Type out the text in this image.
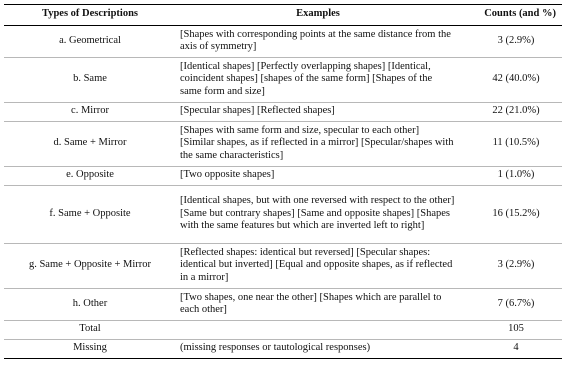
Types of Descriptions	Examples	Counts (and %)
a. Geometrical	[Shapes with corresponding points at the same distance from the axis of symmetry]	3 (2.9%)
b. Same	[Identical shapes] [Perfectly overlapping shapes] [Identical, coincident shapes] [shapes of the same form] [Shapes of the same form and size]	42 (40.0%)
c. Mirror	[Specular shapes] [Reflected shapes]	22 (21.0%)
d. Same + Mirror	[Shapes with same form and size, specular to each other] [Similar shapes, as if reflected in a mirror] [Specular/shapes with the same characteristics]	11 (10.5%)
e. Opposite	[Two opposite shapes]	1 (1.0%)
f. Same + Opposite	[Identical shapes, but with one reversed with respect to the other] [Same but contrary shapes] [Same and opposite shapes] [Shapes with the same features but which are inverted left to right]	16 (15.2%)
g. Same + Opposite + Mirror	[Reflected shapes: identical but reversed] [Specular shapes: identical but inverted] [Equal and opposite shapes, as if reflected in a mirror]	3 (2.9%)
h. Other	[Two shapes, one near the other] [Shapes which are parallel to each other]	7 (6.7%)
Total		105
Missing	(missing responses or tautological responses)	4
